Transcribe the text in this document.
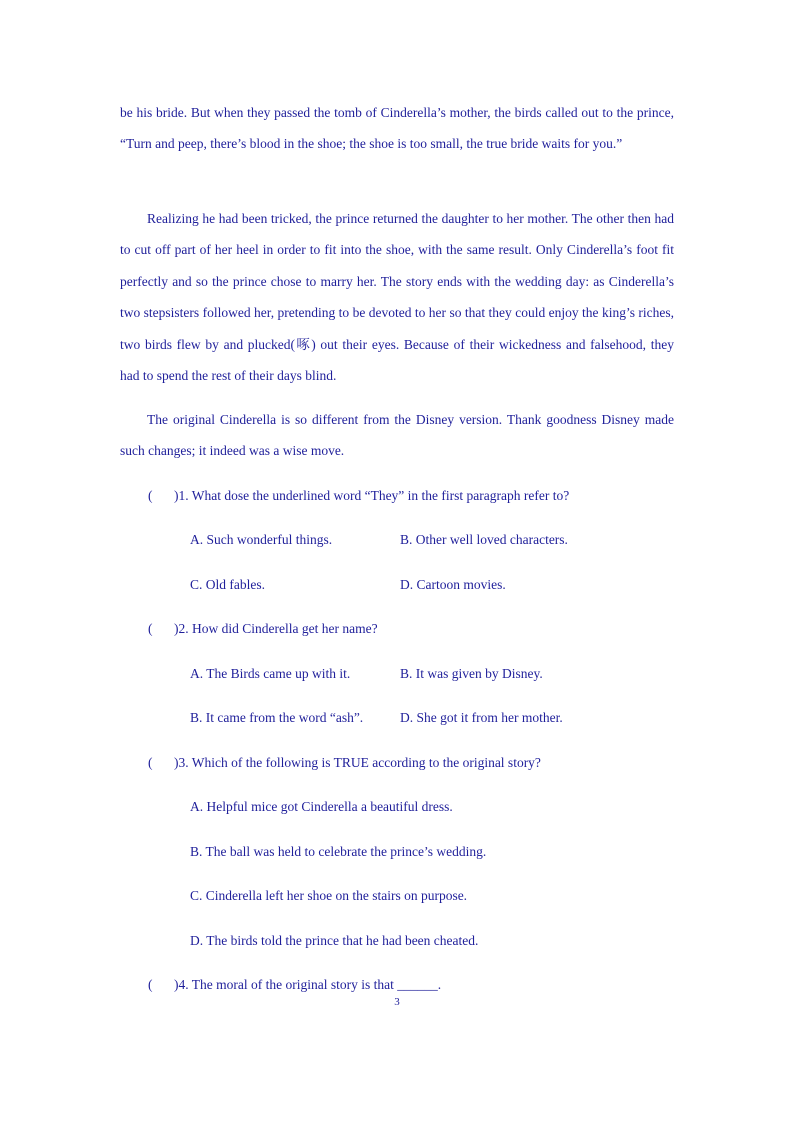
be his bride. But when they passed the tomb of Cinderella’s mother, the birds called out to the prince, “Turn and peep, there’s blood in the shoe; the shoe is too small, the true bride waits for you.”

Realizing he had been tricked, the prince returned the daughter to her mother. The other then had to cut off part of her heel in order to fit into the shoe, with the same result. Only Cinderella’s foot fit perfectly and so the prince chose to marry her. The story ends with the wedding day: as Cinderella’s two stepsisters followed her, pretending to be devoted to her so that they could enjoy the king’s riches, two birds flew by and plucked(啄) out their eyes. Because of their wickedness and falsehood, they had to spend the rest of their days blind.

The original Cinderella is so different from the Disney version. Thank goodness Disney made such changes; it indeed was a wise move.

( )1. What dose the underlined word “They” in the first paragraph refer to?
A. Such wonderful things.	B. Other well loved characters.
C. Old fables.	D. Cartoon movies.
( )2. How did Cinderella get her name?
A. The Birds came up with it.	B. It was given by Disney.
B. It came from the word “ash”.	D. She got it from her mother.
( )3. Which of the following is TRUE according to the original story?
A. Helpful mice got Cinderella a beautiful dress.
B. The ball was held to celebrate the prince’s wedding.
C. Cinderella left her shoe on the stairs on purpose.
D. The birds told the prince that he had been cheated.
( )4. The moral of the original story is that ______.
3
